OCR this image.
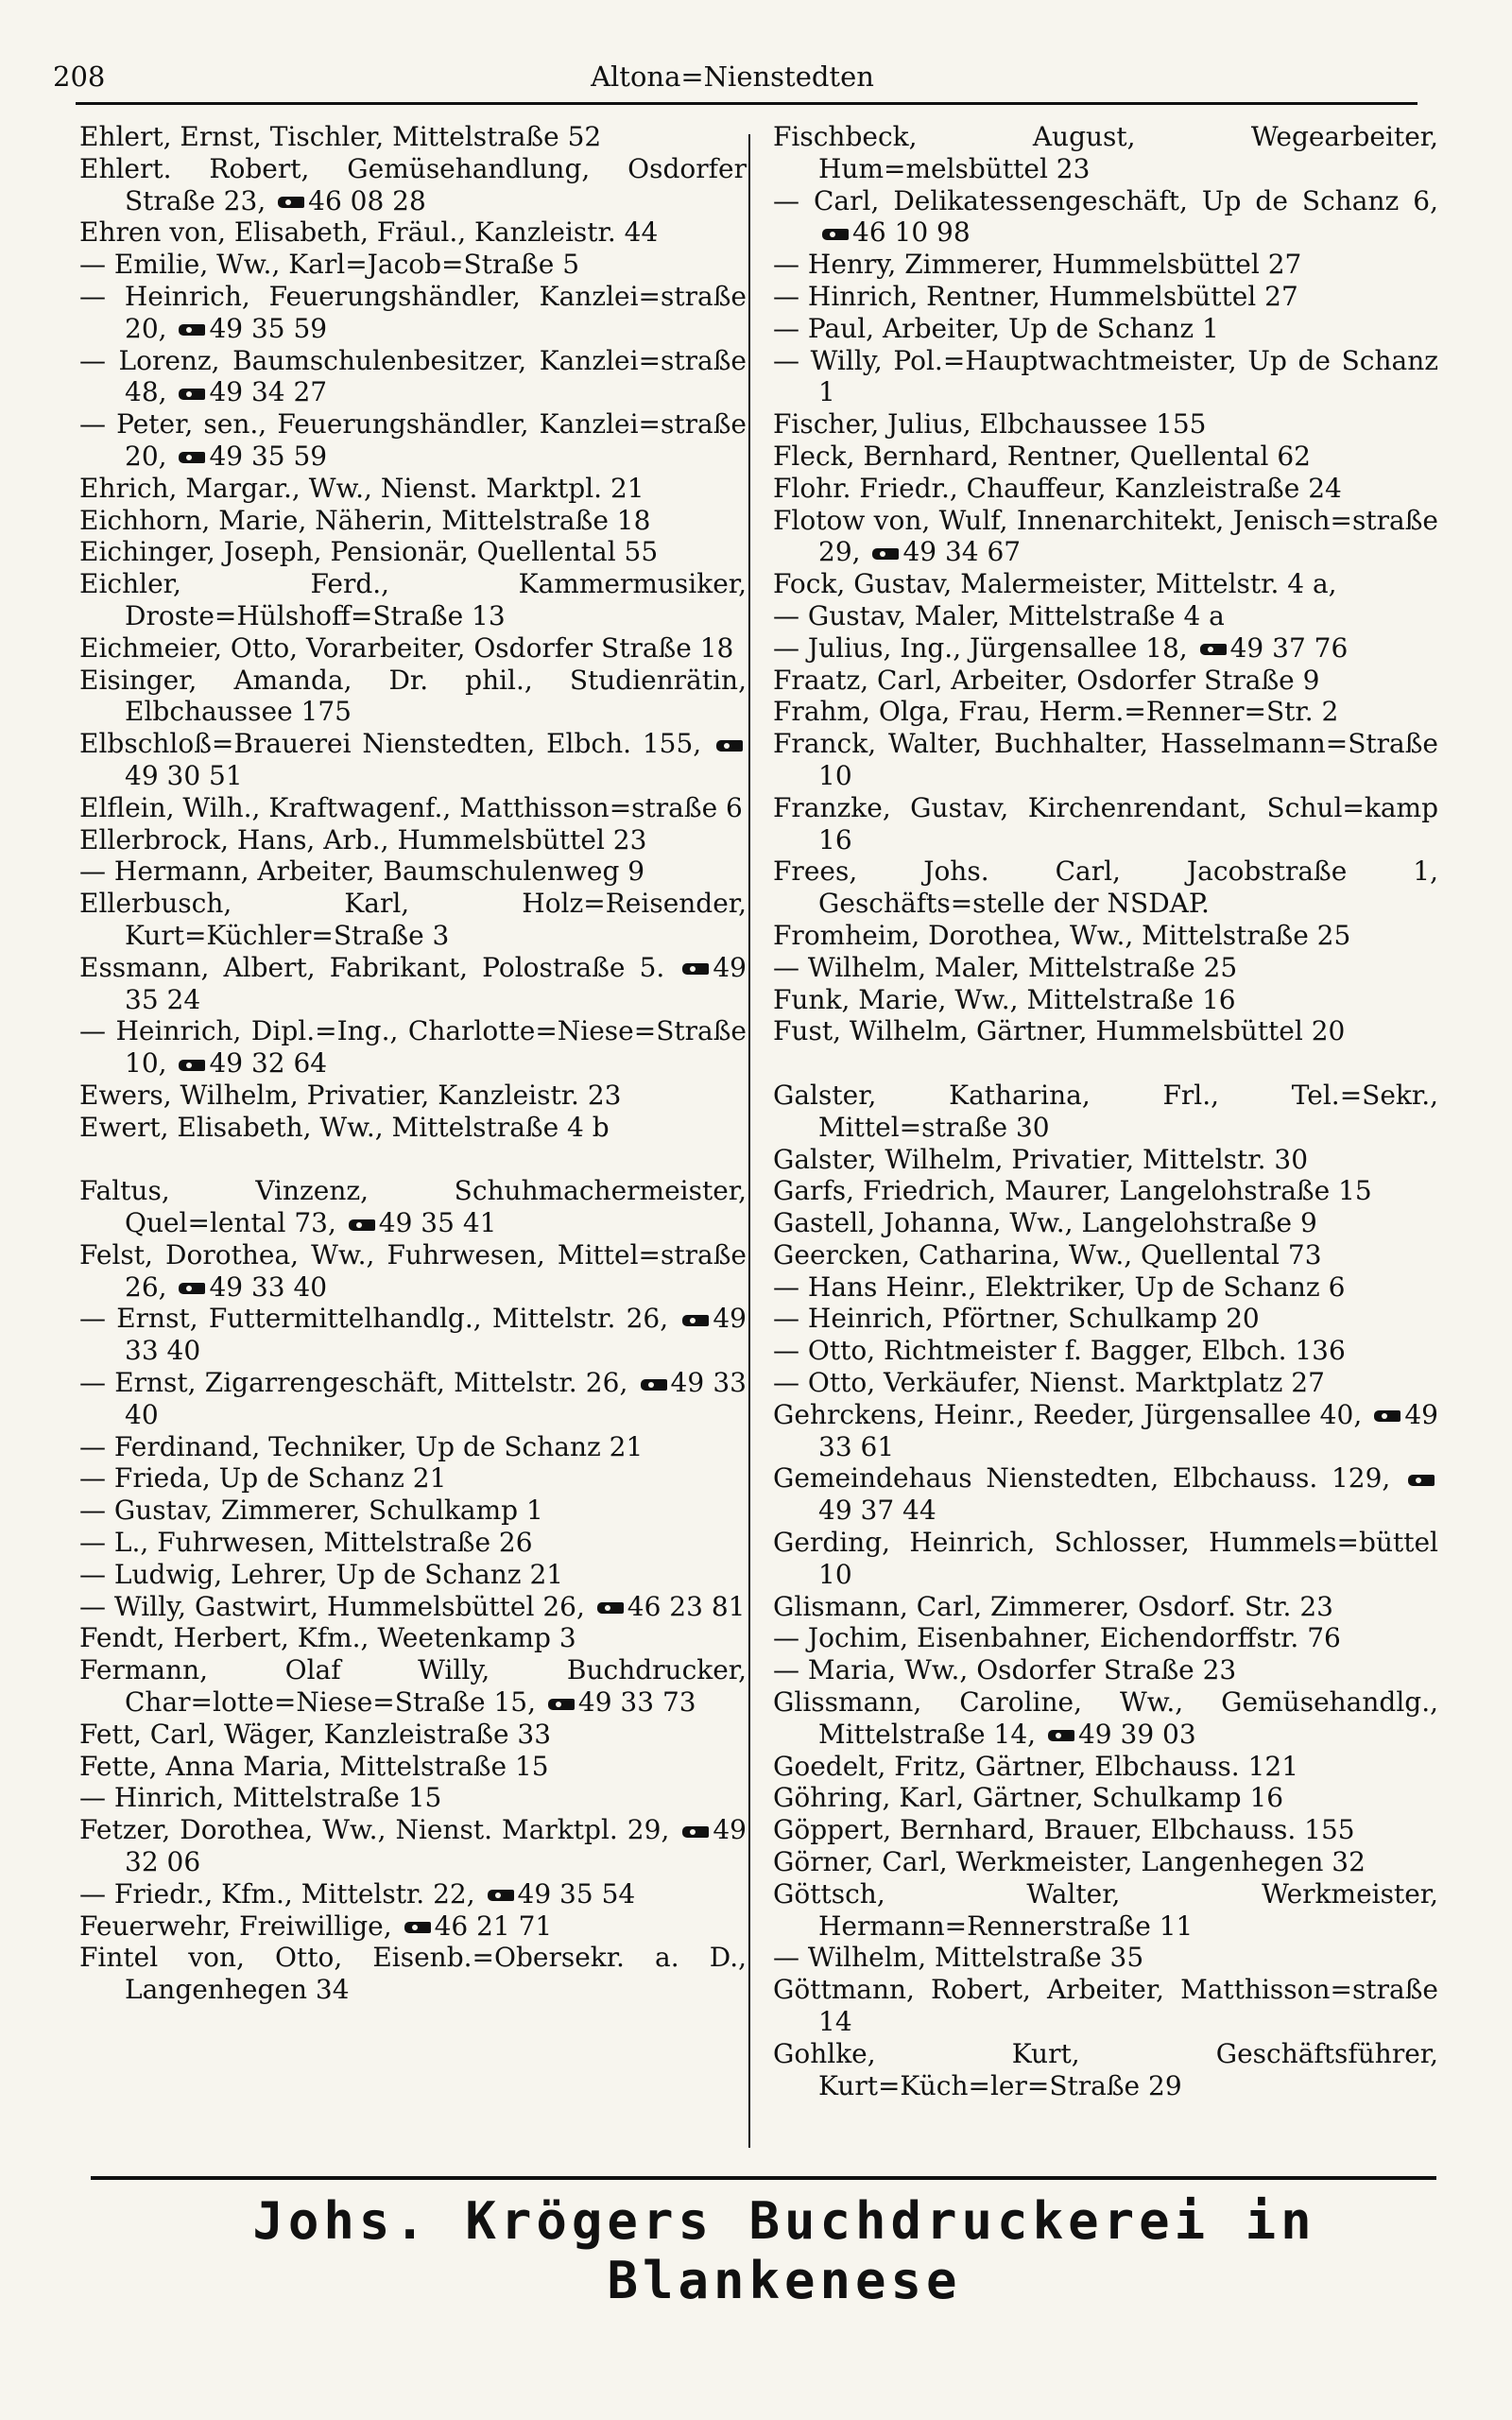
208	Altona=Nienstedten
Ehlert, Ernst, Tischler, Mittelstraße 52
Ehlert. Robert, Gemüsehandlung, Osdorfer Straße 23, 46 08 28
Ehren von, Elisabeth, Fräul., Kanzleistr. 44
— Emilie, Ww., Karl=Jacob=Straße 5
— Heinrich, Feuerungshändler, Kanzlei=straße 20, 49 35 59
— Lorenz, Baumschulenbesitzer, Kanzlei=straße 48, 49 34 27
— Peter, sen., Feuerungshändler, Kanzlei=straße 20, 49 35 59
Ehrich, Margar., Ww., Nienst. Marktpl. 21
Eichhorn, Marie, Näherin, Mittelstraße 18
Eichinger, Joseph, Pensionär, Quellental 55
Eichler, Ferd., Kammermusiker, Droste=Hülshoff=Straße 13
Eichmeier, Otto, Vorarbeiter, Osdorfer Straße 18
Eisinger, Amanda, Dr. phil., Studienrätin, Elbchaussee 175
Elbschloß=Brauerei Nienstedten, Elbch. 155, 49 30 51
Elflein, Wilh., Kraftwagenf., Matthisson=straße 6
Ellerbrock, Hans, Arb., Hummelsbüttel 23
— Hermann, Arbeiter, Baumschulenweg 9
Ellerbusch, Karl, Holz=Reisender, Kurt=Küchler=Straße 3
Essmann, Albert, Fabrikant, Polostraße 5. 49 35 24
— Heinrich, Dipl.=Ing., Charlotte=Niese=Straße 10, 49 32 64
Ewers, Wilhelm, Privatier, Kanzleistr. 23
Ewert, Elisabeth, Ww., Mittelstraße 4 b
Faltus, Vinzenz, Schuhmachermeister, Quel=lental 73, 49 35 41
Felst, Dorothea, Ww., Fuhrwesen, Mittel=straße 26, 49 33 40
— Ernst, Futtermittelhandlg., Mittelstr. 26, 49 33 40
— Ernst, Zigarrengeschäft, Mittelstr. 26, 49 33 40
— Ferdinand, Techniker, Up de Schanz 21
— Frieda, Up de Schanz 21
— Gustav, Zimmerer, Schulkamp 1
— L., Fuhrwesen, Mittelstraße 26
— Ludwig, Lehrer, Up de Schanz 21
— Willy, Gastwirt, Hummelsbüttel 26, 46 23 81
Fendt, Herbert, Kfm., Weetenkamp 3
Fermann, Olaf Willy, Buchdrucker, Char=lotte=Niese=Straße 15, 49 33 73
Fett, Carl, Wäger, Kanzleistraße 33
Fette, Anna Maria, Mittelstraße 15
— Hinrich, Mittelstraße 15
Fetzer, Dorothea, Ww., Nienst. Marktpl. 29, 49 32 06
— Friedr., Kfm., Mittelstr. 22, 49 35 54
Feuerwehr, Freiwillige, 46 21 71
Fintel von, Otto, Eisenb.=Obersekr. a. D., Langenhegen 34
Fischbeck, August, Wegearbeiter, Hum=melsbüttel 23
— Carl, Delikatessengeschäft, Up de Schanz 6, 46 10 98
— Henry, Zimmerer, Hummelsbüttel 27
— Hinrich, Rentner, Hummelsbüttel 27
— Paul, Arbeiter, Up de Schanz 1
— Willy, Pol.=Hauptwachtmeister, Up de Schanz 1
Fischer, Julius, Elbchaussee 155
Fleck, Bernhard, Rentner, Quellental 62
Flohr. Friedr., Chauffeur, Kanzleistraße 24
Flotow von, Wulf, Innenarchitekt, Jenisch=straße 29, 49 34 67
Fock, Gustav, Malermeister, Mittelstr. 4 a,
— Gustav, Maler, Mittelstraße 4 a
— Julius, Ing., Jürgensallee 18, 49 37 76
Fraatz, Carl, Arbeiter, Osdorfer Straße 9
Frahm, Olga, Frau, Herm.=Renner=Str. 2
Franck, Walter, Buchhalter, Hasselmann=Straße 10
Franzke, Gustav, Kirchenrendant, Schul=kamp 16
Frees, Johs. Carl, Jacobstraße 1, Geschäfts=stelle der NSDAP.
Fromheim, Dorothea, Ww., Mittelstraße 25
— Wilhelm, Maler, Mittelstraße 25
Funk, Marie, Ww., Mittelstraße 16
Fust, Wilhelm, Gärtner, Hummelsbüttel 20
Galster, Katharina, Frl., Tel.=Sekr., Mittel=straße 30
Galster, Wilhelm, Privatier, Mittelstr. 30
Garfs, Friedrich, Maurer, Langelohstraße 15
Gastell, Johanna, Ww., Langelohstraße 9
Geercken, Catharina, Ww., Quellental 73
— Hans Heinr., Elektriker, Up de Schanz 6
— Heinrich, Pförtner, Schulkamp 20
— Otto, Richtmeister f. Bagger, Elbch. 136
— Otto, Verkäufer, Nienst. Marktplatz 27
Gehrckens, Heinr., Reeder, Jürgensallee 40, 49 33 61
Gemeindehaus Nienstedten, Elbchauss. 129, 49 37 44
Gerding, Heinrich, Schlosser, Hummels=büttel 10
Glismann, Carl, Zimmerer, Osdorf. Str. 23
— Jochim, Eisenbahner, Eichendorffstr. 76
— Maria, Ww., Osdorfer Straße 23
Glissmann, Caroline, Ww., Gemüsehandlg., Mittelstraße 14, 49 39 03
Goedelt, Fritz, Gärtner, Elbchauss. 121
Göhring, Karl, Gärtner, Schulkamp 16
Göppert, Bernhard, Brauer, Elbchauss. 155
Görner, Carl, Werkmeister, Langenhegen 32
Göttsch, Walter, Werkmeister, Hermann=Rennerstraße 11
— Wilhelm, Mittelstraße 35
Göttmann, Robert, Arbeiter, Matthisson=straße 14
Gohlke, Kurt, Geschäftsführer, Kurt=Küch=ler=Straße 29
Johs. Krögers Buchdruckerei in Blankenese
